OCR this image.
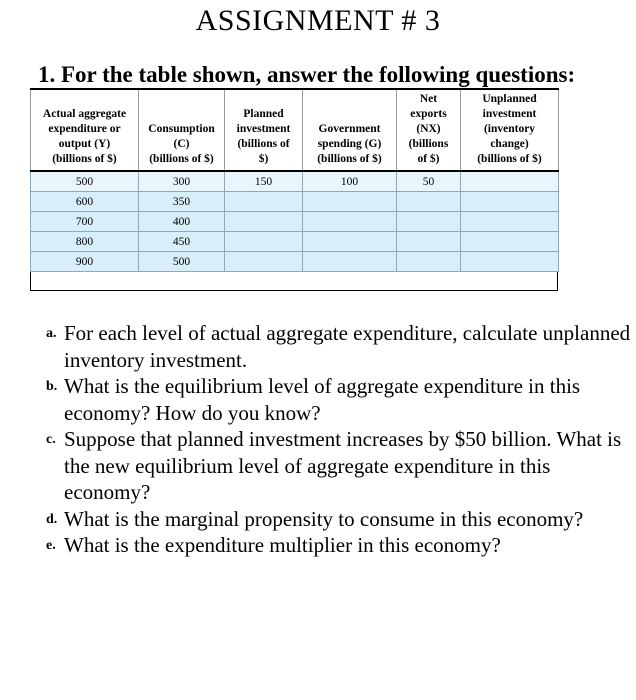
ASSIGNMENT # 3
1. For the table shown, answer the following questions:
Actual aggregate
expenditure or
output (Y)
(billions of $)	Consumption
(C)
(billions of $)	Planned
investment
(billions of
$)	Government
spending (G)
(billions of $)	Net
exports
(NX)
(billions
of $)	Unplanned
investment
(inventory
change)
(billions of $)
500	300	150	100	50	
600	350				
700	400				
800	450				
900	500				
a. For each level of actual aggregate expenditure, calculate unplanned inventory investment.
b. What is the equilibrium level of aggregate expenditure in this economy? How do you know?
c. Suppose that planned investment increases by $50 billion. What is the new equilibrium level of aggregate expenditure in this economy?
d. What is the marginal propensity to consume in this economy?
e. What is the expenditure multiplier in this economy?
